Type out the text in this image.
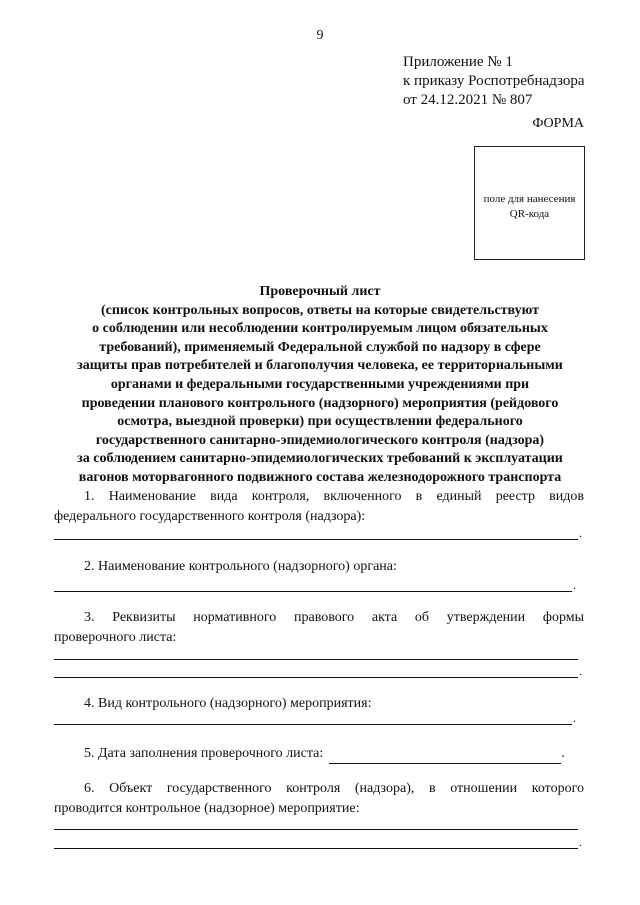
9
Приложение № 1
к приказу Роспотребнадзора
от 24.12.2021 № 807
ФОРМА
поле для нанесения
QR-кода
Проверочный лист
(список контрольных вопросов, ответы на которые свидетельствуют
о соблюдении или несоблюдении контролируемым лицом обязательных
требований), применяемый Федеральной службой по надзору в сфере
защиты прав потребителей и благополучия человека, ее территориальными
органами и федеральными государственными учреждениями при
проведении планового контрольного (надзорного) мероприятия (рейдового
осмотра, выездной проверки) при осуществлении федерального
государственного санитарно-эпидемиологического контроля (надзора)
за соблюдением санитарно-эпидемиологических требований к эксплуатации
вагонов моторвагонного подвижного состава железнодорожного транспорта
1. Наименование вида контроля, включенного в единый реестр видов
федерального государственного контроля (надзора):
.
2. Наименование контрольного (надзорного) органа:
.
3. Реквизиты нормативного правового акта об утверждении формы
проверочного листа:
.
4. Вид контрольного (надзорного) мероприятия:
.
5. Дата заполнения проверочного листа:	.
6. Объект государственного контроля (надзора), в отношении которого
проводится контрольное (надзорное) мероприятие:
.
